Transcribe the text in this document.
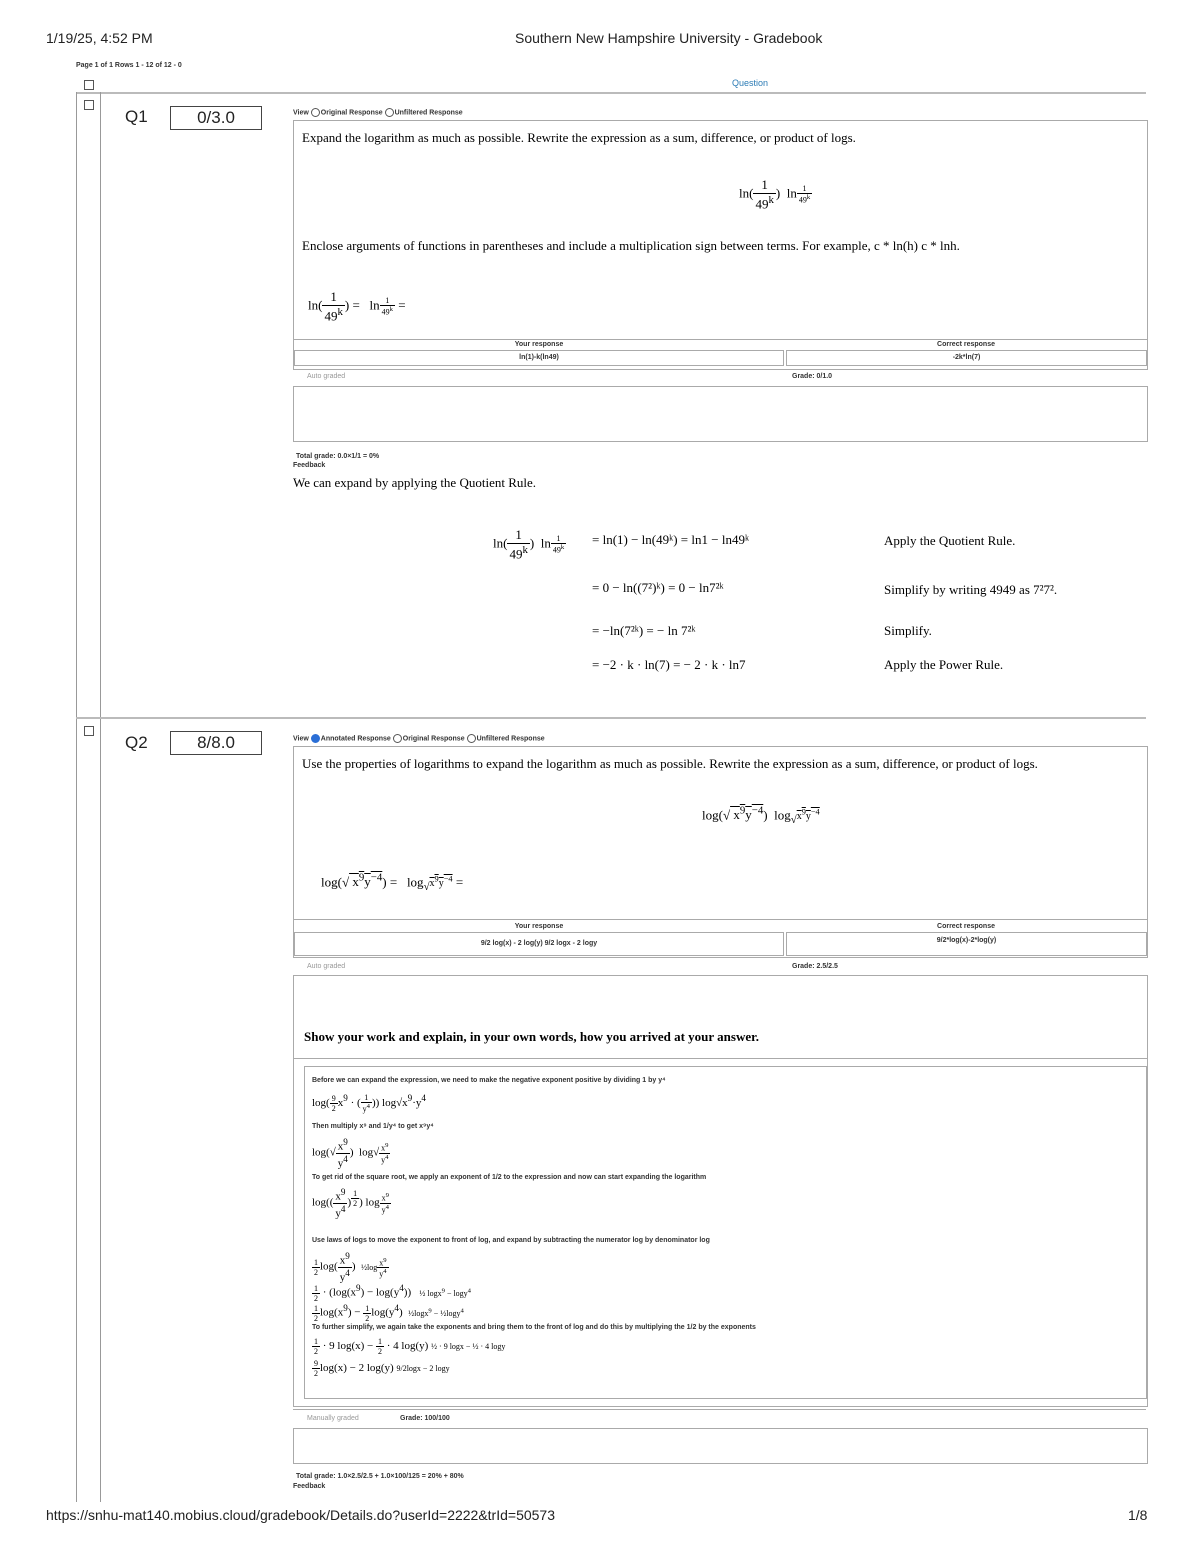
1/19/25, 4:52 PM	Southern New Hampshire University - Gradebook
https://snhu-mat140.mobius.cloud/gradebook/Details.do?userId=2222&trId=50573	1/8
Page 1 of 1 Rows 1 - 12 of 12 - 0
Question
Q1	0/3.0	View Original Response Unfiltered Response
Expand the logarithm as much as possible. Rewrite the expression as a sum, difference, or product of logs.
$\ln( \frac{1}{49^k}$ )  $\ln \frac{1}{49^k}$
Enclose arguments of functions in parentheses and include a multiplication sign between terms. For example, c * ln(h) c * lnh.
$\ln( \frac{1}{49^k}$ ) =   $\ln \frac{1}{49^k}$ =
Your response	Correct response
ln(1)-k(ln49)	-2k*ln(7)
Auto graded	Grade: 0/1.0
Total grade: 0.0×1/1 = 0%
Feedback
We can expand by applying the Quotient Rule.
$\ln( \frac{1}{49^k}$ )  $\ln \frac{1}{49^k} = \ln(1)$ − ln(49ᵏ) = ln1 − ln49ᵏ	Apply the Quotient Rule.
= 0 − ln((7²)ᵏ) = 0 − ln7²ᵏ	Simplify by writing 4949 as 7²7².
= −ln(7²ᵏ) = − ln 7²ᵏ	Simplify.
= −2 · k · ln(7) = − 2 · k · ln7	Apply the Power Rule.
Q2	8/8.0	View Annotated Response Original Response Unfiltered Response
Use the properties of logarithms to expand the logarithm as much as possible. Rewrite the expression as a sum, difference, or product of logs.
log(√ $x^9y^{-4}$)  $\log_√x^9y^{-4}$
log(√ $x^9y^{-4}) = \log_√x^9y^{-4}$ =
Your response	Correct response
9/2 log(x) - 2 log(y) 9/2 logx - 2 logy	9/2*log(x)-2*log(y)
Auto graded	Grade: 2.5/2.5
Show your work and explain, in your own words, how you arrived at your answer.
Before we can expand the expression, we need to make the negative exponent positive by dividing 1 by y⁴
$\log( \frac{9}{2} x^9$ · ( $\frac{1}{y^4}$ )) $\log√x^9\cdot y^4$
Then multiply x⁹ and 1/y⁴ to get x⁹y⁴
$\log(√ \frac{x^9}{y^4}$ )  $\log√ \frac{x^9}{y^4}$
To get rid of the square root, we apply an exponent of 1/2 to the expression and now can start expanding the logarithm
$\log(( \frac{x^9}{y^4}$ ) $^{\frac{1}{2}}$ ) $\log \frac{x^9}{y^4}$
Use laws of logs to move the exponent to front of log, and expand by subtracting the numerator log by denominator log
$\frac{1}{2} \log( \frac{x^9}{y^4}$ )  ½log $\frac{x^9}{y^4}$
$\frac{1}{2} \cdot (\log(x^9) - \log(y^4))$   ½ logx$^9$ − logy$^4$
$\frac{1}{2} \log(x^9) - \frac{1}{2} \log(y^4)$  ½logx$^9$ − ½logy$^4$
To further simplify, we again take the exponents and bring them to the front of log and do this by multiplying the 1/2 by the exponents
$\frac{1}{2} \cdot 9$ $\log(x) - \frac{1}{2} \cdot 4$ log(y) ½ · 9 logx − ½ · 4 logy
$\frac{9}{2} \log(x) - 2$ log(y) 9/2logx − 2 logy
Manually graded	Grade: 100/100
Total grade: 1.0×2.5/2.5 + 1.0×100/125 = 20% + 80%
Feedback
